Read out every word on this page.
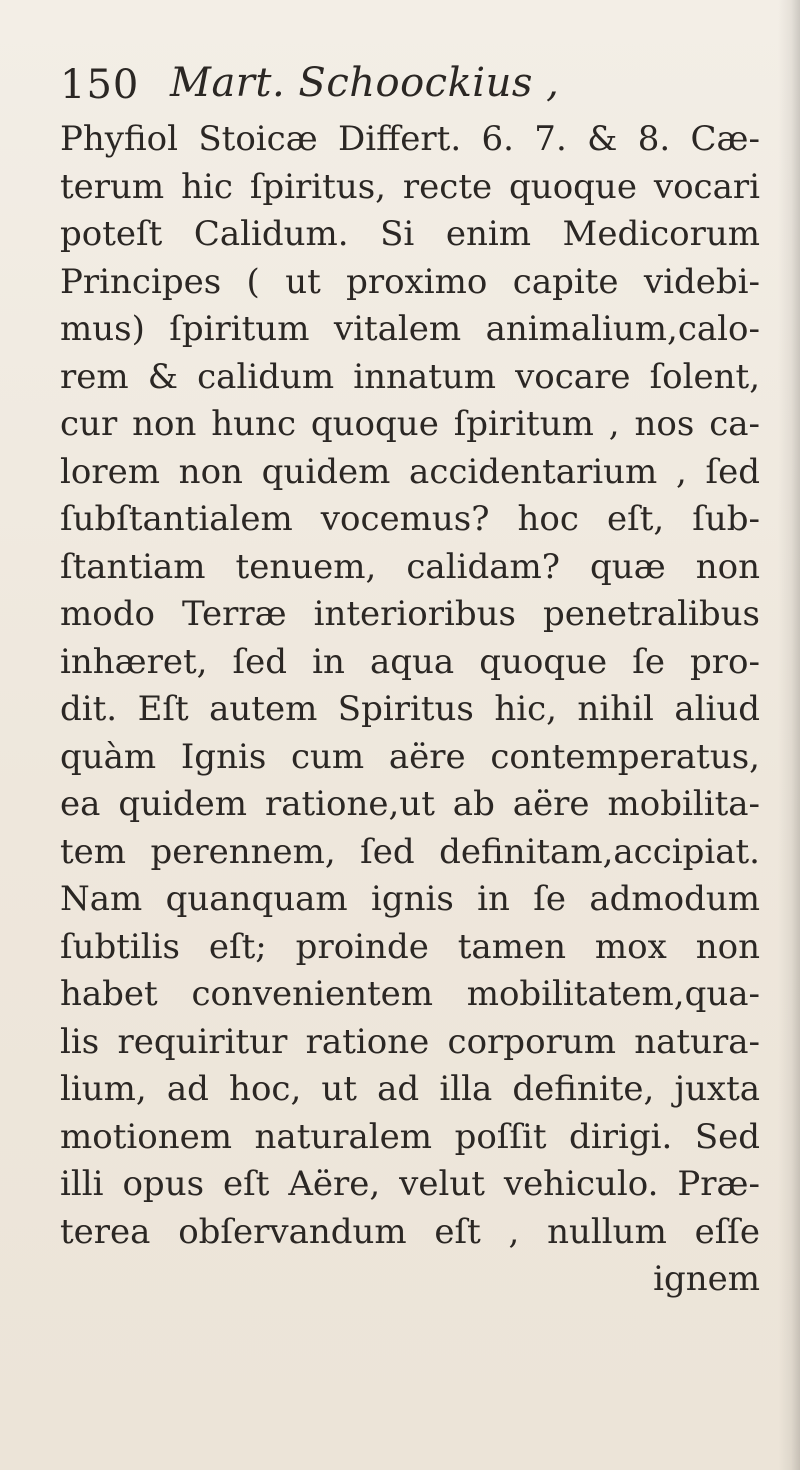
150 Mart. Schoockius ,
Phyfiol Stoicæ Differt. 6. 7. & 8. Cæ-
terum hic ſpiritus, recte quoque vocari
poteſt Calidum. Si enim Medicorum
Principes ( ut proximo capite videbi-
mus) ſpiritum vitalem animalium,calo-
rem & calidum innatum vocare ſolent,
cur non hunc quoque ſpiritum , nos ca-
lorem non quidem accidentarium , ſed
ſubſtantialem vocemus? hoc eſt, ſub-
ſtantiam tenuem, calidam? quæ non
modo Terræ interioribus penetralibus
inhæret, ſed in aqua quoque ſe pro-
dit. Eſt autem Spiritus hic, nihil aliud
quàm Ignis cum aëre contemperatus,
ea quidem ratione,ut ab aëre mobilita-
tem perennem, ſed definitam,accipiat.
Nam quanquam ignis in ſe admodum
ſubtilis eſt; proinde tamen mox non
habet convenientem mobilitatem,qua-
lis requiritur ratione corporum natura-
lium, ad hoc, ut ad illa definite, juxta
motionem naturalem poſſit dirigi. Sed
illi opus eſt Aëre, velut vehiculo. Præ-
terea obſervandum eſt , nullum eſſe
ignem
